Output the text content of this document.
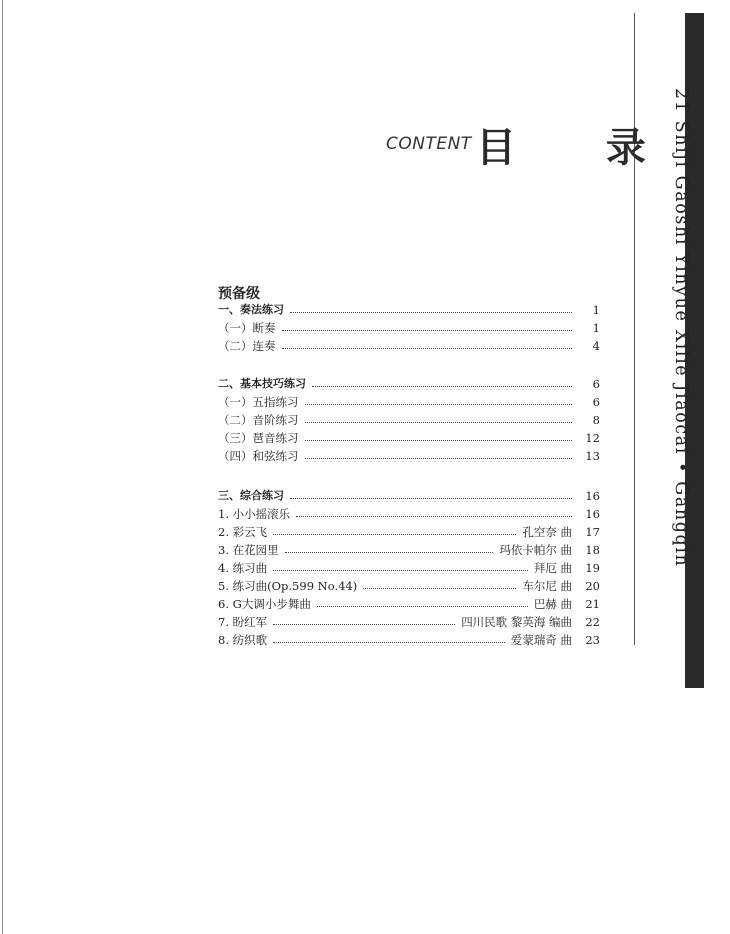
21 Shiji Gaoshi Yinyue Xilie Jiaocai • Gangqin
CONTENT 目 录
预备级
一、奏法练习	1
（一）断奏	1
（二）连奏	4
二、基本技巧练习	6
（一）五指练习	6
（二）音阶练习	8
（三）琶音练习	12
（四）和弦练习	13
三、综合练习	16
1. 小小摇滚乐	16
2. 彩云飞	孔空奈 曲	17
3. 在花园里	玛依卡帕尔 曲	18
4. 练习曲	拜厄 曲	19
5. 练习曲(Op.599 No.44)	车尔尼 曲	20
6. G大调小步舞曲	巴赫 曲	21
7. 盼红军	四川民歌 黎英海 编曲	22
8. 纺织歌	爱蒙瑞奇 曲	23
